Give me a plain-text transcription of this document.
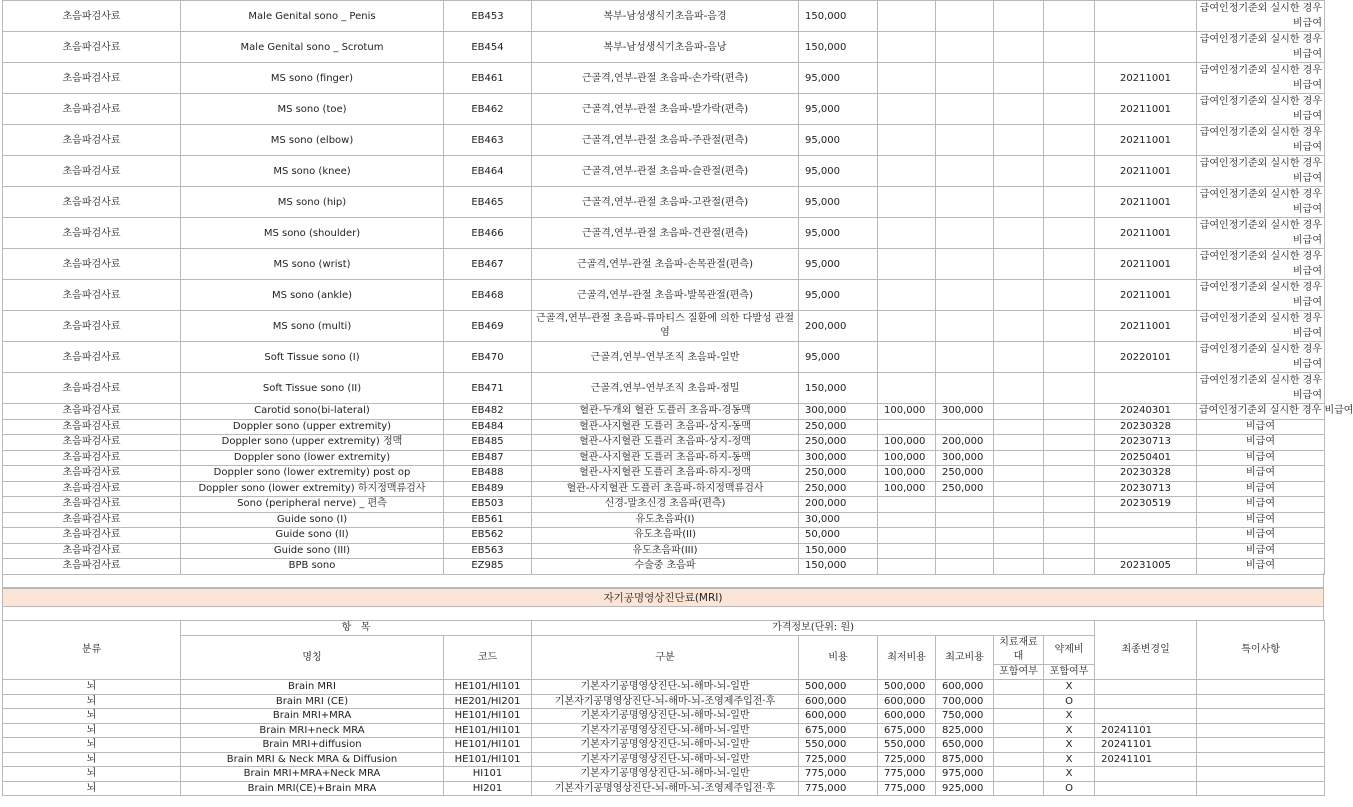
초음파검사료	Male Genital sono _ Penis	EB453	복부-남성생식기초음파-음경	150,000						급여인정기준외 실시한 경우 비급여
초음파검사료	Male Genital sono _ Scrotum	EB454	복부-남성생식기초음파-음낭	150,000						급여인정기준외 실시한 경우 비급여
초음파검사료	MS sono (finger)	EB461	근골격,연부-관절 초음파-손가락(편측)	95,000					20211001	급여인정기준외 실시한 경우 비급여
초음파검사료	MS sono (toe)	EB462	근골격,연부-관절 초음파-발가락(편측)	95,000					20211001	급여인정기준외 실시한 경우 비급여
초음파검사료	MS sono (elbow)	EB463	근골격,연부-관절 초음파-주관절(편측)	95,000					20211001	급여인정기준외 실시한 경우 비급여
초음파검사료	MS sono (knee)	EB464	근골격,연부-관절 초음파-슬관절(편측)	95,000					20211001	급여인정기준외 실시한 경우 비급여
초음파검사료	MS sono (hip)	EB465	근골격,연부-관절 초음파-고관절(편측)	95,000					20211001	급여인정기준외 실시한 경우 비급여
초음파검사료	MS sono (shoulder)	EB466	근골격,연부-관절 초음파-견관절(편측)	95,000					20211001	급여인정기준외 실시한 경우 비급여
초음파검사료	MS sono (wrist)	EB467	근골격,연부-관절 초음파-손목관절(편측)	95,000					20211001	급여인정기준외 실시한 경우 비급여
초음파검사료	MS sono (ankle)	EB468	근골격,연부-관절 초음파-발목관절(편측)	95,000					20211001	급여인정기준외 실시한 경우 비급여
초음파검사료	MS sono (multi)	EB469	근골격,연부-관절 초음파-류마티스 질환에 의한 다발성 관절염	200,000					20211001	급여인정기준외 실시한 경우 비급여
초음파검사료	Soft Tissue sono (I)	EB470	근골격,연부-연부조직 초음파-일반	95,000					20220101	급여인정기준외 실시한 경우 비급여
초음파검사료	Soft Tissue sono (II)	EB471	근골격,연부-연부조직 초음파-정밀	150,000						급여인정기준외 실시한 경우 비급여
초음파검사료	Carotid sono(bi-lateral)	EB482	혈관-두개외 혈관 도플러 초음파-경동맥	300,000	100,000	300,000			20240301	급여인정기준외 실시한 경우 비급여
초음파검사료	Doppler sono (upper extremity)	EB484	혈관-사지혈관 도플러 초음파-상지-동맥	250,000					20230328	비급여
초음파검사료	Doppler sono (upper extremity) 정맥	EB485	혈관-사지혈관 도플러 초음파-상지-정맥	250,000	100,000	200,000			20230713	비급여
초음파검사료	Doppler sono (lower extremity)	EB487	혈관-사지혈관 도플러 초음파-하지-동맥	300,000	100,000	300,000			20250401	비급여
초음파검사료	Doppler sono (lower extremity) post op	EB488	혈관-사지혈관 도플러 초음파-하지-정맥	250,000	100,000	250,000			20230328	비급여
초음파검사료	Doppler sono (lower extremity) 하지정맥류검사	EB489	혈관-사지혈관 도플러 초음파-하지정맥류검사	250,000	100,000	250,000			20230713	비급여
초음파검사료	Sono (peripheral nerve) _ 편측	EB503	신경-말초신경 초음파(편측)	200,000					20230519	비급여
초음파검사료	Guide sono (I)	EB561	유도초음파(I)	30,000						비급여
초음파검사료	Guide sono (II)	EB562	유도초음파(II)	50,000						비급여
초음파검사료	Guide sono (III)	EB563	유도초음파(III)	150,000						비급여
초음파검사료	BPB sono	EZ985	수술중 초음파	150,000					20231005	비급여
자기공명영상진단료(MRI)
분류	항   목		가격정보(단위: 원)						최종변경일	특이사항
	명칭	코드	구분	비용	최저비용	최고비용	치료재료대	약제비		
							포함여부	포함여부		
뇌	Brain MRI	HE101/HI101	기본자기공명영상진단-뇌-해마-뇌-일반	500,000	500,000	600,000		X		
뇌	Brain MRI (CE)	HE201/HI201	기본자기공명영상진단-뇌-해마-뇌-조영제주입전·후	600,000	600,000	700,000		O		
뇌	Brain MRI+MRA	HE101/HI101	기본자기공명영상진단-뇌-해마-뇌-일반	600,000	600,000	750,000		X		
뇌	Brain MRI+neck MRA	HE101/HI101	기본자기공명영상진단-뇌-해마-뇌-일반	675,000	675,000	825,000		X	20241101	
뇌	Brain MRI+diffusion	HE101/HI101	기본자기공명영상진단-뇌-해마-뇌-일반	550,000	550,000	650,000		X	20241101	
뇌	Brain MRI & Neck MRA & Diffusion	HE101/HI101	기본자기공명영상진단-뇌-해마-뇌-일반	725,000	725,000	875,000		X	20241101	
뇌	Brain MRI+MRA+Neck MRA	HI101	기본자기공명영상진단-뇌-해마-뇌-일반	775,000	775,000	975,000		X		
뇌	Brain MRI(CE)+Brain MRA	HI201	기본자기공명영상진단-뇌-해마-뇌-조영제주입전·후	775,000	775,000	925,000		O		
